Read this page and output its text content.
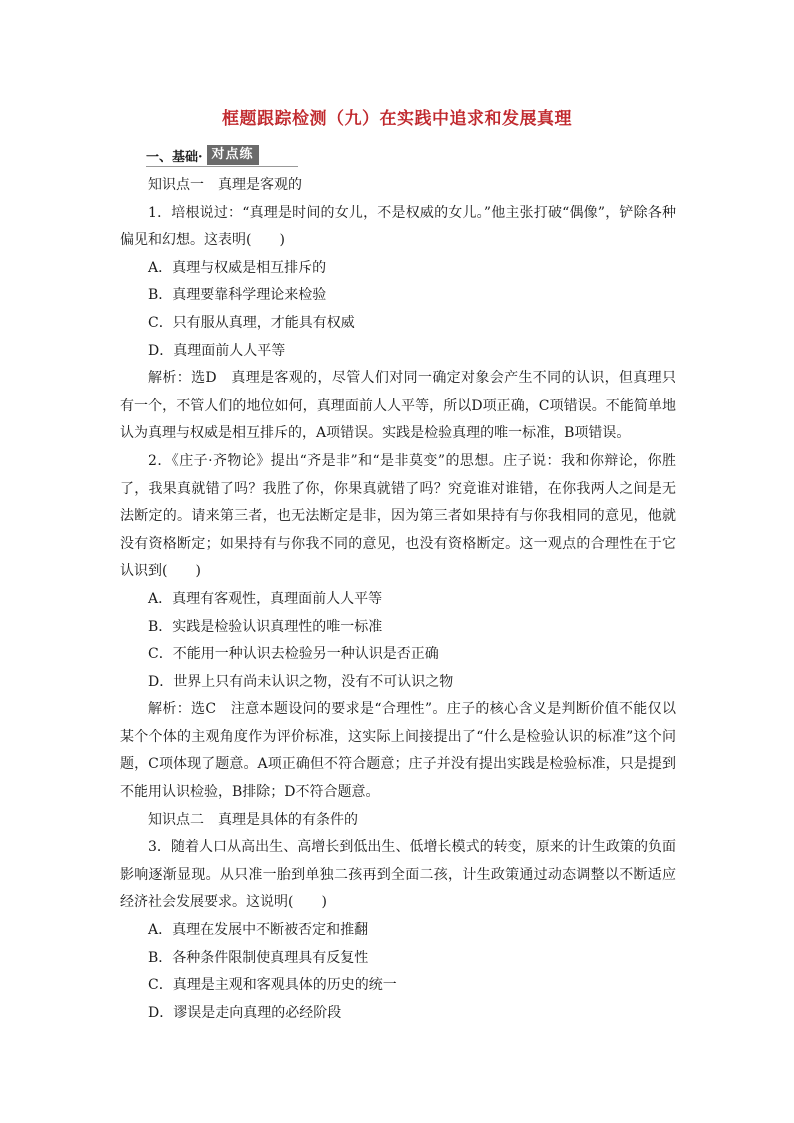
框题跟踪检测（九）在实践中追求和发展真理
一、基础· 对点练

知识点一　真理是客观的

1．培根说过：“真理是时间的女儿，不是权威的女儿。”他主张打破“偶像”，铲除各种偏见和幻想。这表明(　　)

A．真理与权威是相互排斥的

B．真理要靠科学理论来检验

C．只有服从真理，才能具有权威

D．真理面前人人平等

解析：选D　真理是客观的，尽管人们对同一确定对象会产生不同的认识，但真理只有一个，不管人们的地位如何，真理面前人人平等，所以D项正确，C项错误。不能简单地认为真理与权威是相互排斥的，A项错误。实践是检验真理的唯一标准，B项错误。

2．《庄子·齐物论》提出“齐是非”和“是非莫变”的思想。庄子说：我和你辩论，你胜了，我果真就错了吗？我胜了你，你果真就错了吗？究竟谁对谁错，在你我两人之间是无法断定的。请来第三者，也无法断定是非，因为第三者如果持有与你我相同的意见，他就没有资格断定；如果持有与你我不同的意见，也没有资格断定。这一观点的合理性在于它认识到(　　)

A．真理有客观性，真理面前人人平等

B．实践是检验认识真理性的唯一标准

C．不能用一种认识去检验另一种认识是否正确

D．世界上只有尚未认识之物，没有不可认识之物

解析：选C　注意本题设问的要求是“合理性”。庄子的核心含义是判断价值不能仅以某个个体的主观角度作为评价标准，这实际上间接提出了“什么是检验认识的标准”这个问题，C项体现了题意。A项正确但不符合题意；庄子并没有提出实践是检验标准，只是提到不能用认识检验，B排除；D不符合题意。

知识点二　真理是具体的有条件的

3．随着人口从高出生、高增长到低出生、低增长模式的转变，原来的计生政策的负面影响逐渐显现。从只准一胎到单独二孩再到全面二孩，计生政策通过动态调整以不断适应经济社会发展要求。这说明(　　)

A．真理在发展中不断被否定和推翻

B．各种条件限制使真理具有反复性

C．真理是主观和客观具体的历史的统一

D．谬误是走向真理的必经阶段
